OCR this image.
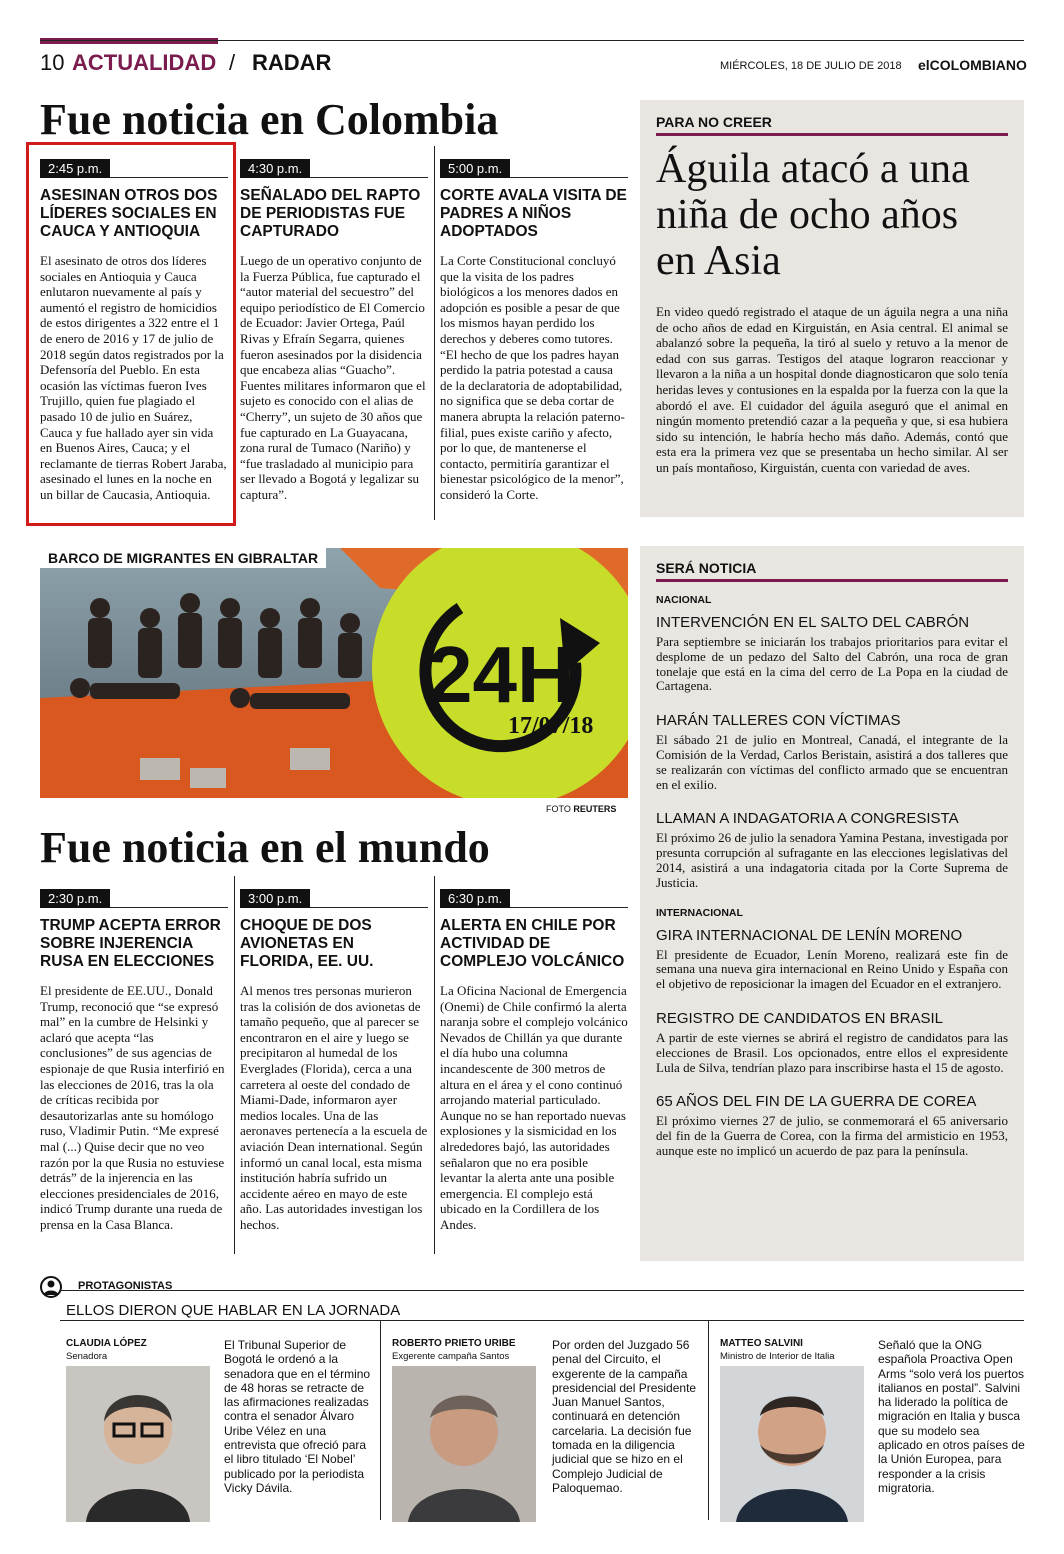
10 ACTUALIDAD / RADAR	MIÉRCOLES, 18 DE JULIO DE 2018 elCOLOMBIANO
Fue noticia en Colombia
2:45 p.m.
ASESINAN OTROS DOS LÍDERES SOCIALES EN CAUCA Y ANTIOQUIA
El asesinato de otros dos líderes sociales en Antioquia y Cauca enlutaron nuevamente al país y aumentó el registro de homicidios de estos dirigentes a 322 entre el 1 de enero de 2016 y 17 de julio de 2018 según datos registrados por la Defensoría del Pueblo. En esta ocasión las víctimas fueron Ives Trujillo, quien fue plagiado el pasado 10 de julio en Suárez, Cauca y fue hallado ayer sin vida en Buenos Aires, Cauca; y el reclamante de tierras Robert Jaraba, asesinado el lunes en la noche en un billar de Caucasia, Antioquia.
4:30 p.m.
SEÑALADO DEL RAPTO DE PERIODISTAS FUE CAPTURADO
Luego de un operativo conjunto de la Fuerza Pública, fue capturado el “autor material del secuestro” del equipo periodístico de El Comercio de Ecuador: Javier Ortega, Paúl Rivas y Efraín Segarra, quienes fueron asesinados por la disidencia que encabeza alias “Guacho”. Fuentes militares informaron que el sujeto es conocido con el alias de “Cherry”, un sujeto de 30 años que fue capturado en La Guayacana, zona rural de Tumaco (Nariño) y “fue trasladado al municipio para ser llevado a Bogotá y legalizar su captura”.
5:00 p.m.
CORTE AVALA VISITA DE PADRES A NIÑOS ADOPTADOS
La Corte Constitucional concluyó que la visita de los padres biológicos a los menores dados en adopción es posible a pesar de que los mismos hayan perdido los derechos y deberes como tutores. “El hecho de que los padres hayan perdido la patria potestad a causa de la declaratoria de adoptabilidad, no significa que se deba cortar de manera abrupta la relación paterno-filial, pues existe cariño y afecto, por lo que, de mantenerse el contacto, permitiría garantizar el bienestar psicológico de la menor”, consideró la Corte.
PARA NO CREER
Águila atacó a una niña de ocho años en Asia
En video quedó registrado el ataque de un águila negra a una niña de ocho años de edad en Kirguistán, en Asia central. El animal se abalanzó sobre la pequeña, la tiró al suelo y retuvo a la menor de edad con sus garras. Testigos del ataque lograron reaccionar y llevaron a la niña a un hospital donde diagnosticaron que solo tenía heridas leves y contusiones en la espalda por la fuerza con la que la abordó el ave. El cuidador del águila aseguró que el animal en ningún momento pretendió cazar a la pequeña y que, si esa hubiera sido su intención, le habría hecho más daño. Además, contó que esta era la primera vez que se presentaba un hecho similar. Al ser un país montañoso, Kirguistán, cuenta con variedad de aves.
BARCO DE MIGRANTES EN GIBRALTAR
24H
17/07/18
FOTO REUTERS
SERÁ NOTICIA
NACIONAL
INTERVENCIÓN EN EL SALTO DEL CABRÓN
Para septiembre se iniciarán los trabajos prioritarios para evitar el desplome de un pedazo del Salto del Cabrón, una roca de gran tonelaje que está en la cima del cerro de La Popa en la ciudad de Cartagena.
HARÁN TALLERES CON VÍCTIMAS
El sábado 21 de julio en Montreal, Canadá, el integrante de la Comisión de la Verdad, Carlos Beristain, asistirá a dos talleres que se realizarán con víctimas del conflicto armado que se encuentran en el exilio.
LLAMAN A INDAGATORIA A CONGRESISTA
El próximo 26 de julio la senadora Yamina Pestana, investigada por presunta corrupción al sufragante en las elecciones legislativas del 2014, asistirá a una indagatoria citada por la Corte Suprema de Justicia.
INTERNACIONAL
GIRA INTERNACIONAL DE LENÍN MORENO
El presidente de Ecuador, Lenín Moreno, realizará este fin de semana una nueva gira internacional en Reino Unido y España con el objetivo de reposicionar la imagen del Ecuador en el extranjero.
REGISTRO DE CANDIDATOS EN BRASIL
A partir de este viernes se abrirá el registro de candidatos para las elecciones de Brasil. Los opcionados, entre ellos el expresidente Lula de Silva, tendrían plazo para inscribirse hasta el 15 de agosto.
65 AÑOS DEL FIN DE LA GUERRA DE COREA
El próximo viernes 27 de julio, se conmemorará el 65 aniversario del fin de la Guerra de Corea, con la firma del armisticio en 1953, aunque este no implicó un acuerdo de paz para la península.
Fue noticia en el mundo
2:30 p.m.
TRUMP ACEPTA ERROR SOBRE INJERENCIA RUSA EN ELECCIONES
El presidente de EE.UU., Donald Trump, reconoció que “se expresó mal” en la cumbre de Helsinki y aclaró que acepta “las conclusiones” de sus agencias de espionaje de que Rusia interfirió en las elecciones de 2016, tras la ola de críticas recibida por desautorizarlas ante su homólogo ruso, Vladimir Putin. “Me expresé mal (...) Quise decir que no veo razón por la que Rusia no estuviese detrás” de la injerencia en las elecciones presidenciales de 2016, indicó Trump durante una rueda de prensa en la Casa Blanca.
3:00 p.m.
CHOQUE DE DOS AVIONETAS EN FLORIDA, EE. UU.
Al menos tres personas murieron tras la colisión de dos avionetas de tamaño pequeño, que al parecer se encontraron en el aire y luego se precipitaron al humedal de los Everglades (Florida), cerca a una carretera al oeste del condado de Miami-Dade, informaron ayer medios locales. Una de las aeronaves pertenecía a la escuela de aviación Dean international. Según informó un canal local, esta misma institución habría sufrido un accidente aéreo en mayo de este año. Las autoridades investigan los hechos.
6:30 p.m.
ALERTA EN CHILE POR ACTIVIDAD DE COMPLEJO VOLCÁNICO
La Oficina Nacional de Emergencia (Onemi) de Chile confirmó la alerta naranja sobre el complejo volcánico Nevados de Chillán ya que durante el día hubo una columna incandescente de 300 metros de altura en el área y el cono continuó arrojando material particulado. Aunque no se han reportado nuevas explosiones y la sismicidad en los alrededores bajó, las autoridades señalaron que no era posible levantar la alerta ante una posible emergencia. El complejo está ubicado en la Cordillera de los Andes.
PROTAGONISTAS
ELLOS DIERON QUE HABLAR EN LA JORNADA
CLAUDIA LÓPEZ
Senadora
El Tribunal Superior de Bogotá le ordenó a la senadora que en el término de 48 horas se retracte de las afirmaciones realizadas contra el senador Álvaro Uribe Vélez en una entrevista que ofreció para el libro titulado ‘El Nobel’ publicado por la periodista Vicky Dávila.
ROBERTO PRIETO URIBE
Exgerente campaña Santos
Por orden del Juzgado 56 penal del Circuito, el exgerente de la campaña presidencial del Presidente Juan Manuel Santos, continuará en detención carcelaria. La decisión fue tomada en la diligencia judicial que se hizo en el Complejo Judicial de Paloquemao.
MATTEO SALVINI
Ministro de Interior de Italia
Señaló que la ONG española Proactiva Open Arms “solo verá los puertos italianos en postal”. Salvini ha liderado la política de migración en Italia y busca que su modelo sea aplicado en otros países de la Unión Europea, para responder a la crisis migratoria.
